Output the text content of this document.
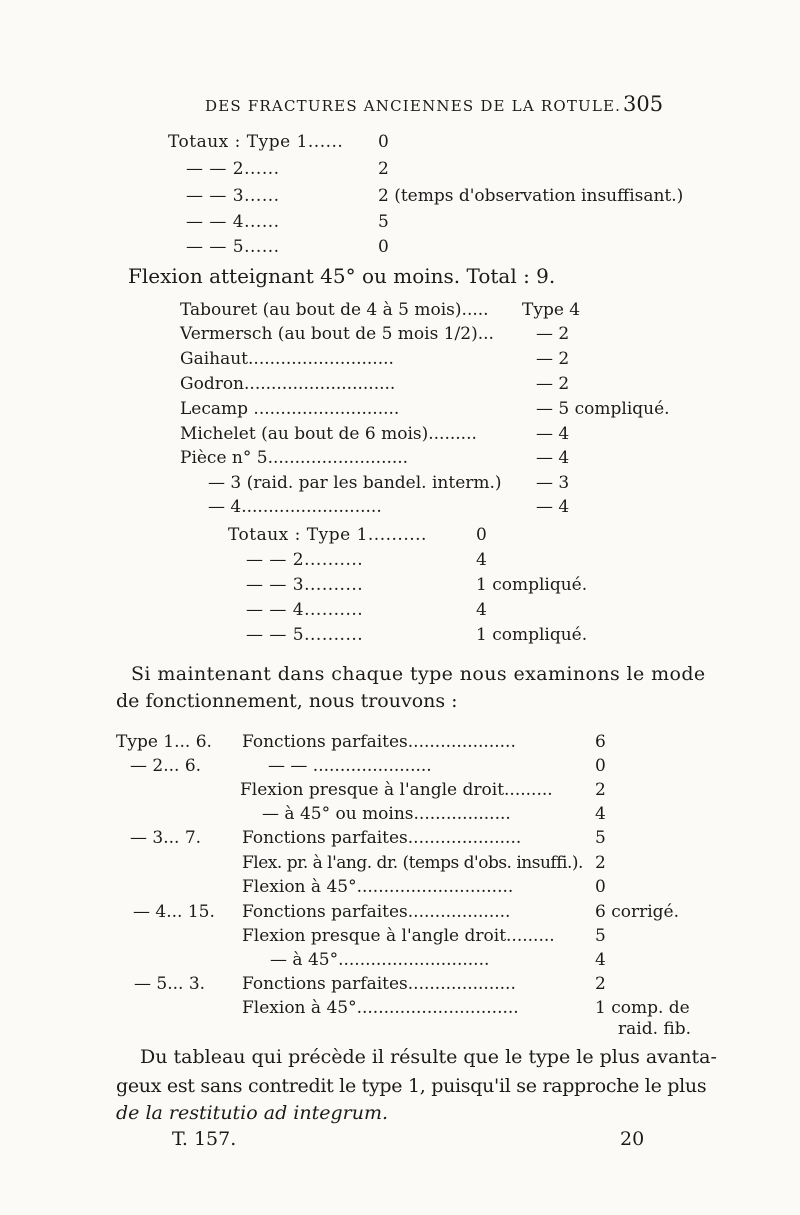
DES FRACTURES ANCIENNES DE LA ROTULE. 305
Totaux : Type 1...... 0
— — 2......	2
— — 3......	2 (temps d'observation insuffisant.)
— — 4......	5
— — 5......	0
Flexion atteignant 45° ou moins. Total : 9.
Tabouret (au bout de 4 à 5 mois)..... Type 4
Vermersch (au bout de 5 mois 1/2)... — 2
Gaihaut...........................	— 2
Godron............................	— 2
Lecamp ...........................	— 5 compliqué.
Michelet (au bout de 6 mois).........	— 4
Pièce n° 5..........................	— 4
— 3 (raid. par les bandel. interm.) — 3
— 4..........................	— 4
Totaux : Type 1..........	0
— — 2..........	4
— — 3..........	1 compliqué.
— — 4..........	4
— — 5..........	1 compliqué.
Si maintenant dans chaque type nous examinons le mode
de fonctionnement, nous trouvons :
Type 1... 6. Fonctions parfaites....................	6
— 2... 6.	— — ......................	0
Flexion presque à l'angle droit......... 2
— à 45° ou moins..................	4
— 3... 7. Fonctions parfaites.....................	5
Flex. pr. à l'ang. dr. (temps d'obs. insuffi.). 2
Flexion à 45°.............................	0
— 4... 15. Fonctions parfaites...................	6 corrigé.
Flexion presque à l'angle droit......... 5
— à 45°............................	4
— 5... 3. Fonctions parfaites....................	2
Flexion à 45°..............................	1 comp. de
raid. fib.
Du tableau qui précède il résulte que le type le plus avanta-
geux est sans contredit le type 1, puisqu'il se rapproche le plus
de la restitutio ad integrum.
T. 157.	20
